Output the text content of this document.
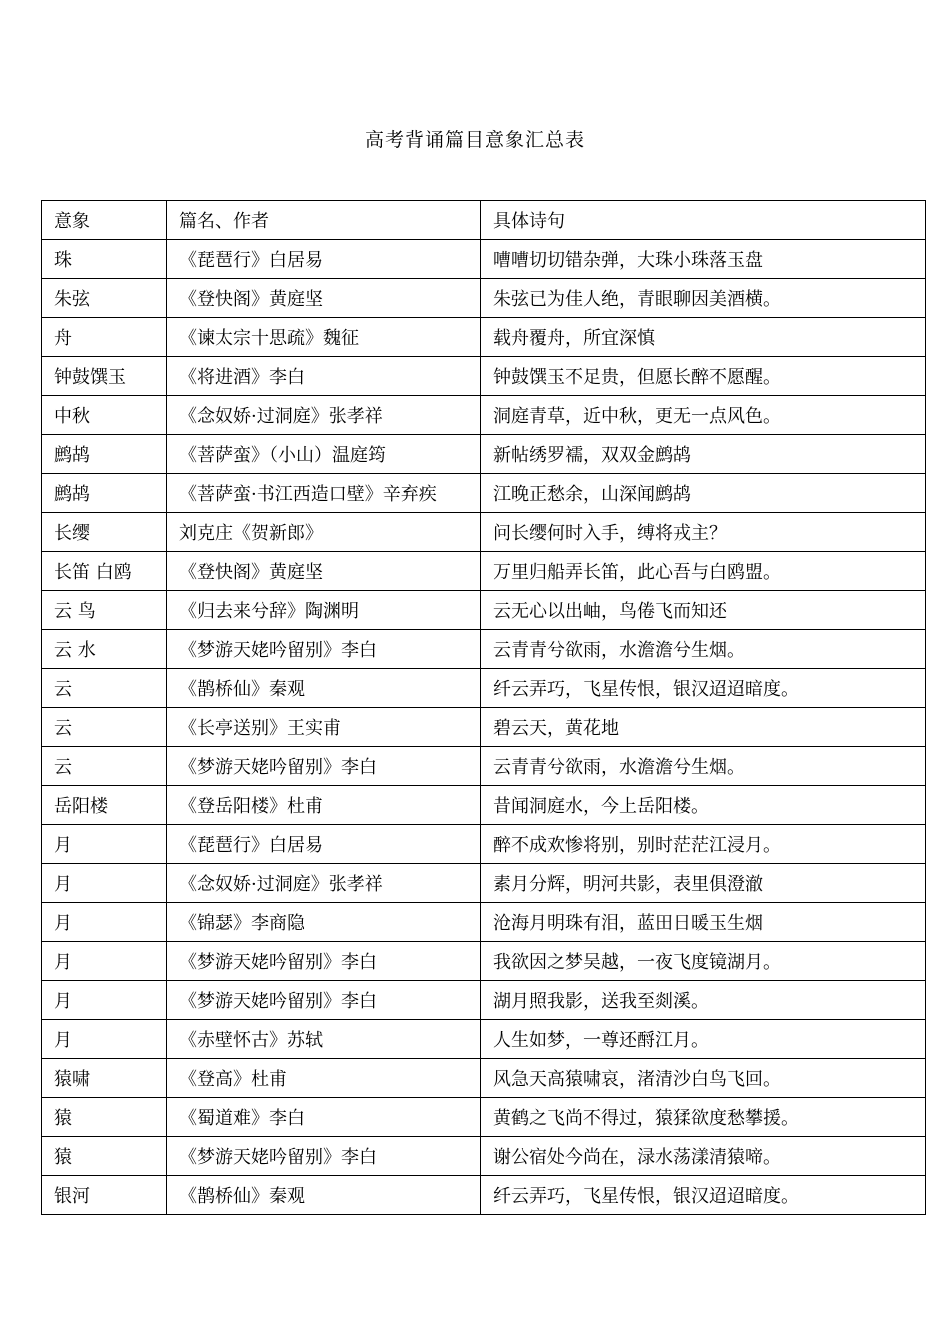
高考背诵篇目意象汇总表
意象	篇名、作者	具体诗句
珠	《琵琶行》白居易	嘈嘈切切错杂弹，大珠小珠落玉盘
朱弦	《登快阁》黄庭坚	朱弦已为佳人绝，青眼聊因美酒横。
舟	《谏太宗十思疏》魏征	载舟覆舟，所宜深慎
钟鼓馔玉	《将进酒》李白	钟鼓馔玉不足贵，但愿长醉不愿醒。
中秋	《念奴娇·过洞庭》张孝祥	洞庭青草，近中秋，更无一点风色。
鹧鸪	《菩萨蛮》（小山）温庭筠	新帖绣罗襦，双双金鹧鸪
鹧鸪	《菩萨蛮·书江西造口壁》辛弃疾	江晚正愁余，山深闻鹧鸪
长缨	刘克庄《贺新郎》	问长缨何时入手，缚将戎主？
长笛 白鸥	《登快阁》黄庭坚	万里归船弄长笛，此心吾与白鸥盟。
云 鸟	《归去来兮辞》陶渊明	云无心以出岫，鸟倦飞而知还
云 水	《梦游天姥吟留别》李白	云青青兮欲雨，水澹澹兮生烟。
云	《鹊桥仙》秦观	纤云弄巧，飞星传恨，银汉迢迢暗度。
云	《长亭送别》王实甫	碧云天，黄花地
云	《梦游天姥吟留别》李白	云青青兮欲雨，水澹澹兮生烟。
岳阳楼	《登岳阳楼》杜甫	昔闻洞庭水，今上岳阳楼。
月	《琵琶行》白居易	醉不成欢惨将别，别时茫茫江浸月。
月	《念奴娇·过洞庭》张孝祥	素月分辉，明河共影，表里俱澄澈
月	《锦瑟》李商隐	沧海月明珠有泪，蓝田日暖玉生烟
月	《梦游天姥吟留别》李白	我欲因之梦吴越，一夜飞度镜湖月。
月	《梦游天姥吟留别》李白	湖月照我影，送我至剡溪。
月	《赤壁怀古》苏轼	人生如梦，一尊还酹江月。
猿啸	《登高》杜甫	风急天高猿啸哀，渚清沙白鸟飞回。
猿	《蜀道难》李白	黄鹤之飞尚不得过，猿猱欲度愁攀援。
猿	《梦游天姥吟留别》李白	谢公宿处今尚在，渌水荡漾清猿啼。
银河	《鹊桥仙》秦观	纤云弄巧，飞星传恨，银汉迢迢暗度。
